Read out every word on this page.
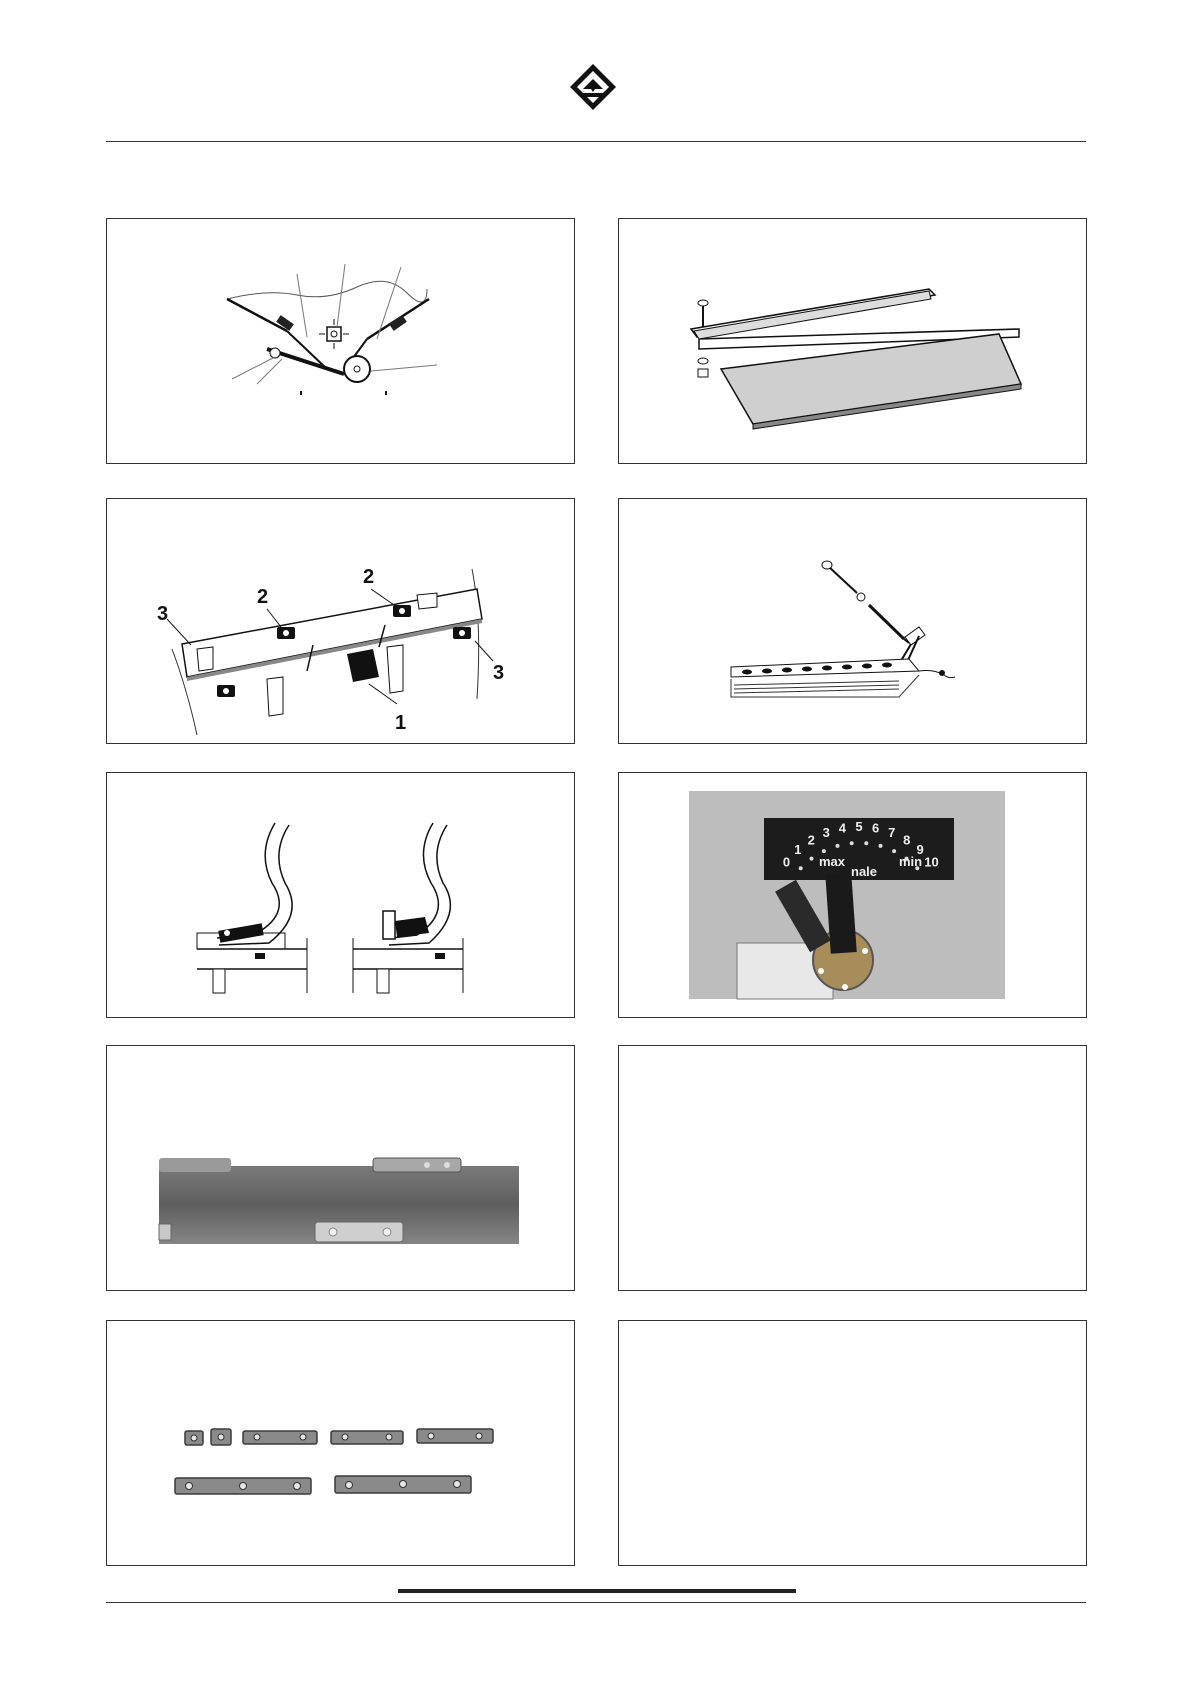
3
2
2
1
3
0
1
2 3 4 5 6 7 8
9
10
max
nale
min
